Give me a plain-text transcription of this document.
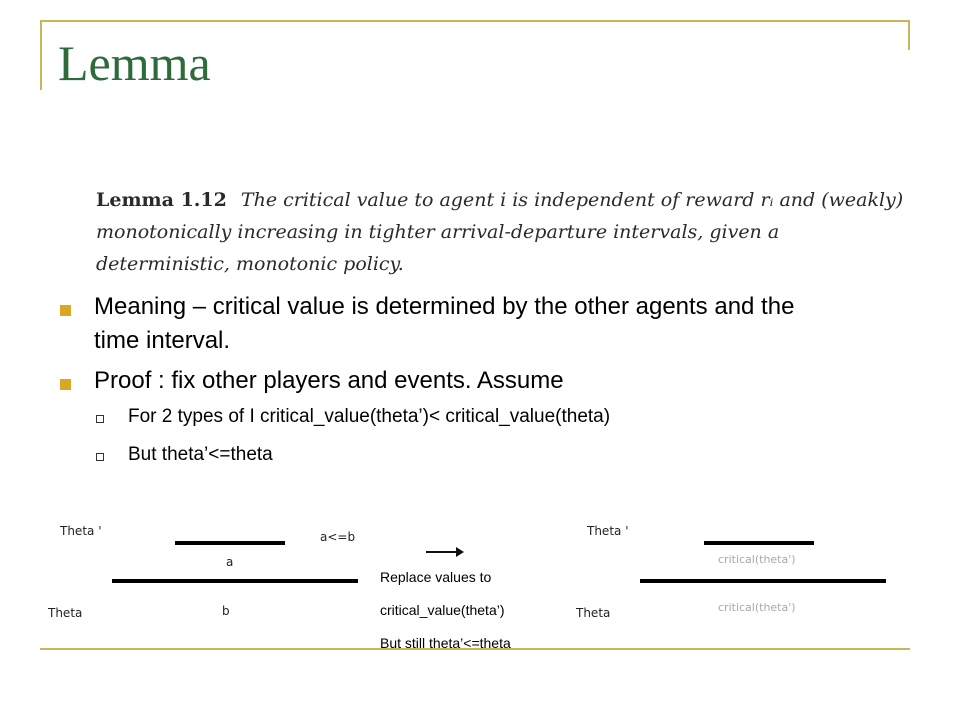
Lemma
Lemma 1.12 The critical value to agent i is independent of reward rᵢ and (weakly) monotonically increasing in tighter arrival-departure intervals, given a deterministic, monotonic policy.
Meaning – critical value is determined by the other agents and the time interval.
Proof : fix other players and events. Assume
For 2 types of I critical_value(theta’)< critical_value(theta)
But theta’<=theta
Theta '	a<=b
a
Theta	b
Replace values to
critical_value(theta’)
But still theta’<=theta
Theta '
critical(theta')
Theta	critical(theta')
